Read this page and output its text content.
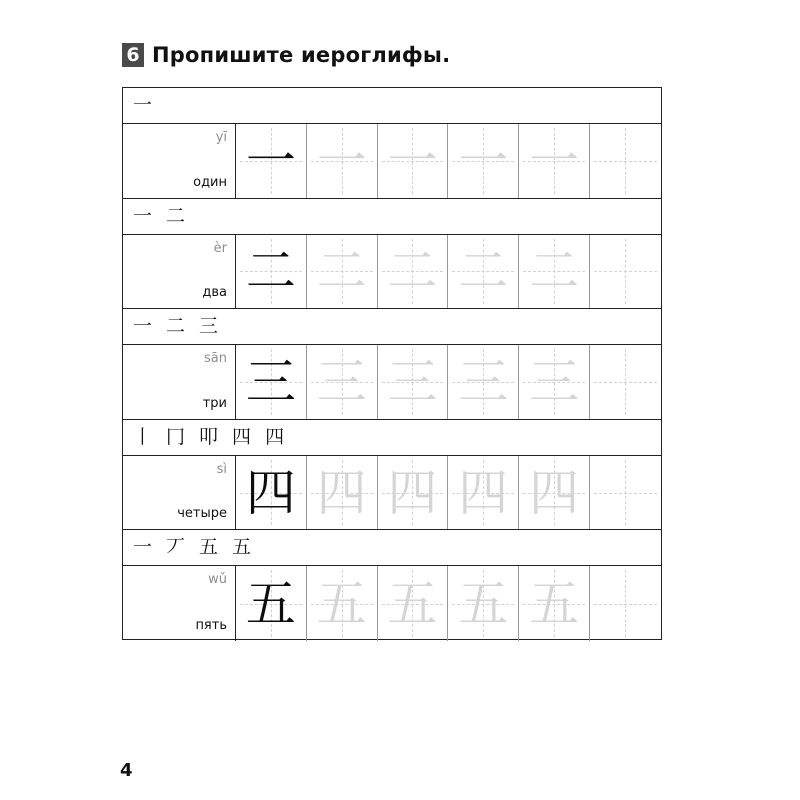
6 Пропишите иероглифы.
一
yī
один 一 一 一 一 一
一 二
èr
два 二 二 二 二 二
一 二 三
sān
три 三 三 三 三 三
丨 冂 叩 四 四
sì
четыре 四 四 四 四 四
一 丆 五 五
wǔ
пять 五 五 五 五 五
4
